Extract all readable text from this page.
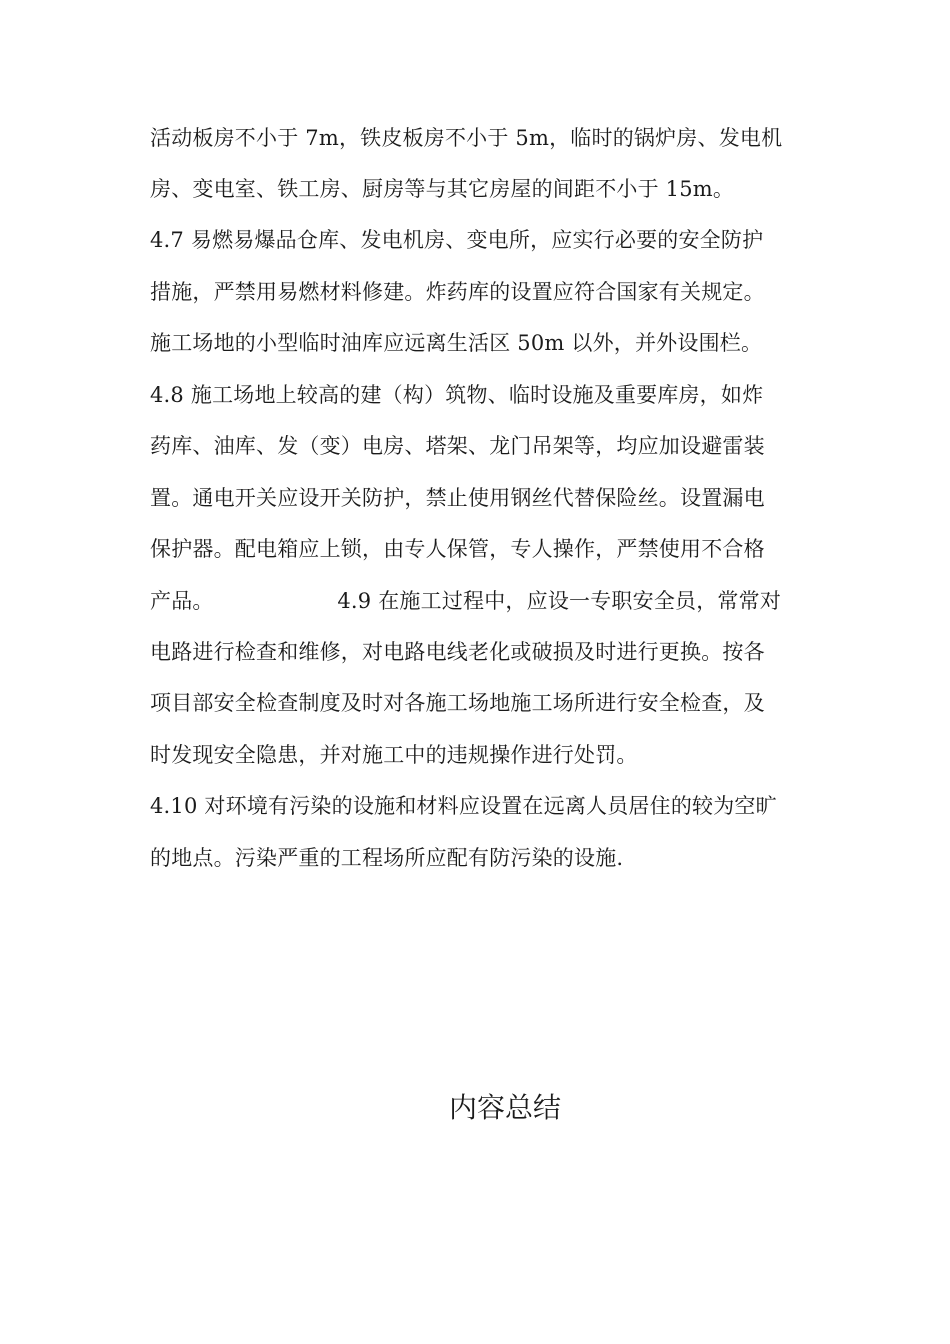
活动板房不小于 7m，铁皮板房不小于 5m，临时的锅炉房、发电机
房、变电室、铁工房、厨房等与其它房屋的间距不小于 15m。
4.7 易燃易爆品仓库、发电机房、变电所，应实行必要的安全防护
措施，严禁用易燃材料修建。炸药库的设置应符合国家有关规定。
施工场地的小型临时油库应远离生活区 50m 以外，并外设围栏。
4.8 施工场地上较高的建（构）筑物、临时设施及重要库房，如炸
药库、油库、发（变）电房、塔架、龙门吊架等，均应加设避雷装
置。通电开关应设开关防护，禁止使用钢丝代替保险丝。设置漏电
保护器。配电箱应上锁，由专人保管，专人操作，严禁使用不合格
产品。                  4.9 在施工过程中，应设一专职安全员，常常对
电路进行检查和维修，对电路电线老化或破损及时进行更换。按各
项目部安全检查制度及时对各施工场地施工场所进行安全检查，及
时发现安全隐患，并对施工中的违规操作进行处罚。
4.10 对环境有污染的设施和材料应设置在远离人员居住的较为空旷
的地点。污染严重的工程场所应配有防污染的设施.
内容总结
